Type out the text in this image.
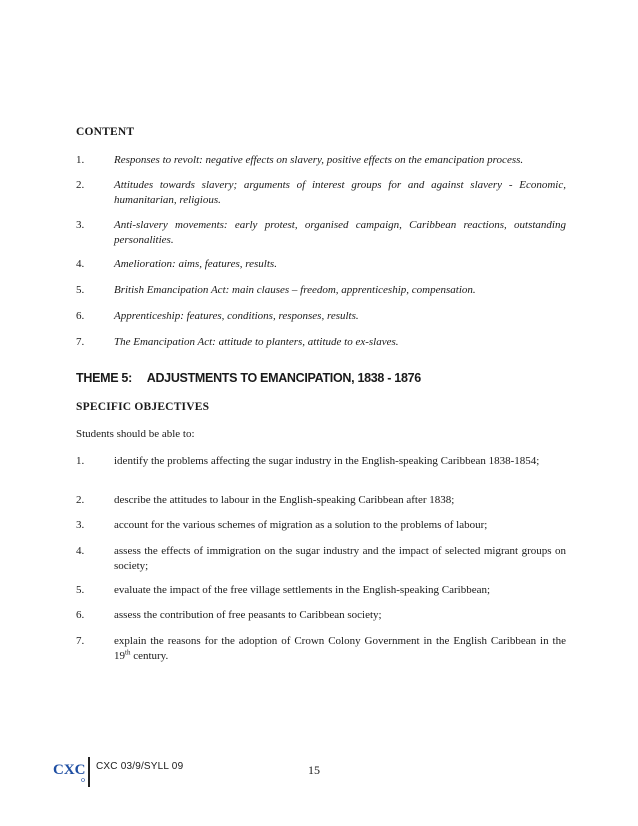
CONTENT
1.	Responses to revolt: negative effects on slavery, positive effects on the emancipation process.
2.	Attitudes towards slavery; arguments of interest groups for and against slavery - Economic, humanitarian, religious.
3.	Anti-slavery movements: early protest, organised campaign, Caribbean reactions, outstanding personalities.
4.	Amelioration: aims, features, results.
5.	British Emancipation Act: main clauses – freedom, apprenticeship, compensation.
6.	Apprenticeship: features, conditions, responses, results.
7.	The Emancipation Act: attitude to planters, attitude to ex-slaves.
THEME 5: ADJUSTMENTS TO EMANCIPATION, 1838 - 1876
SPECIFIC OBJECTIVES
Students should be able to:
1.	identify the problems affecting the sugar industry in the English-speaking Caribbean 1838-1854;
2.	describe the attitudes to labour in the English-speaking Caribbean after 1838;
3.	account for the various schemes of migration as a solution to the problems of labour;
4.	assess the effects of immigration on the sugar industry and the impact of selected migrant groups on society;
5.	evaluate the impact of the free village settlements in the English-speaking Caribbean;
6.	assess the contribution of free peasants to Caribbean society;
7.	explain the reasons for the adoption of Crown Colony Government in the English Caribbean in the 19th century.
CXC CXC 03/9/SYLL 09	15
